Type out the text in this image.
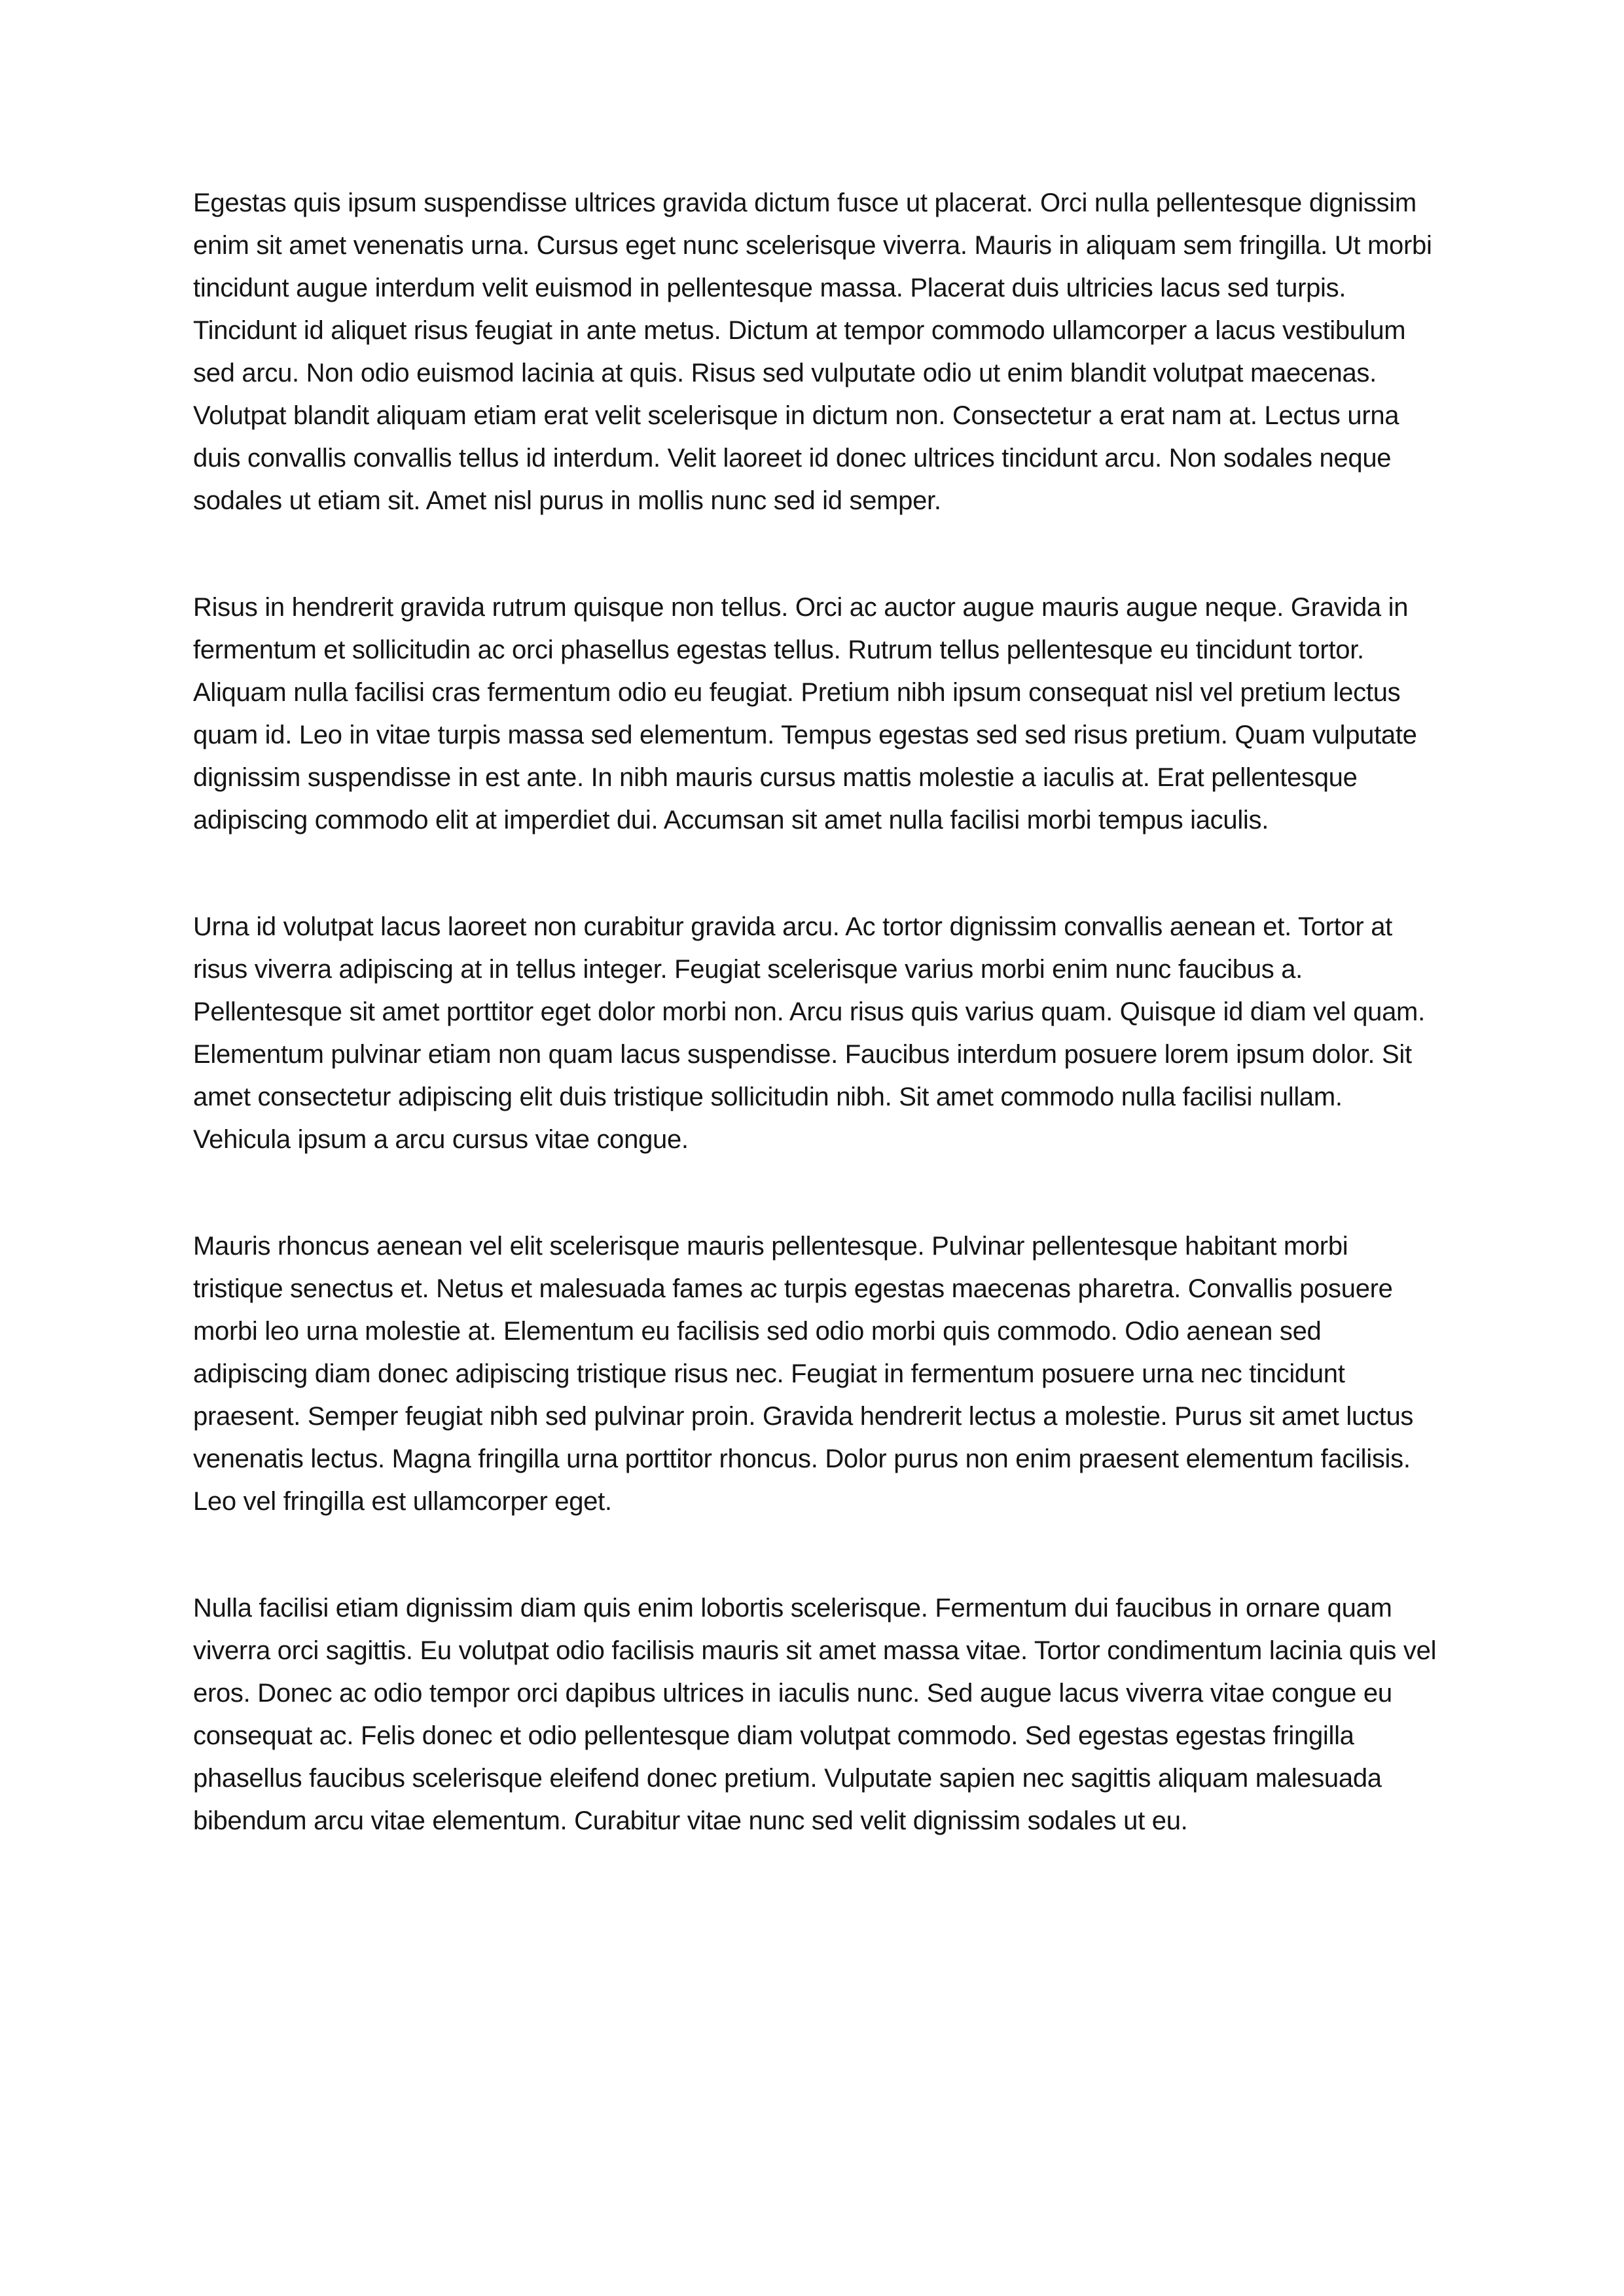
Egestas quis ipsum suspendisse ultrices gravida dictum fusce ut placerat. Orci nulla pellentesque dignissim enim sit amet venenatis urna. Cursus eget nunc scelerisque viverra. Mauris in aliquam sem fringilla. Ut morbi tincidunt augue interdum velit euismod in pellentesque massa. Placerat duis ultricies lacus sed turpis. Tincidunt id aliquet risus feugiat in ante metus. Dictum at tempor commodo ullamcorper a lacus vestibulum sed arcu. Non odio euismod lacinia at quis. Risus sed vulputate odio ut enim blandit volutpat maecenas. Volutpat blandit aliquam etiam erat velit scelerisque in dictum non. Consectetur a erat nam at. Lectus urna duis convallis convallis tellus id interdum. Velit laoreet id donec ultrices tincidunt arcu. Non sodales neque sodales ut etiam sit. Amet nisl purus in mollis nunc sed id semper.

Risus in hendrerit gravida rutrum quisque non tellus. Orci ac auctor augue mauris augue neque. Gravida in fermentum et sollicitudin ac orci phasellus egestas tellus. Rutrum tellus pellentesque eu tincidunt tortor. Aliquam nulla facilisi cras fermentum odio eu feugiat. Pretium nibh ipsum consequat nisl vel pretium lectus quam id. Leo in vitae turpis massa sed elementum. Tempus egestas sed sed risus pretium. Quam vulputate dignissim suspendisse in est ante. In nibh mauris cursus mattis molestie a iaculis at. Erat pellentesque adipiscing commodo elit at imperdiet dui. Accumsan sit amet nulla facilisi morbi tempus iaculis.

Urna id volutpat lacus laoreet non curabitur gravida arcu. Ac tortor dignissim convallis aenean et. Tortor at risus viverra adipiscing at in tellus integer. Feugiat scelerisque varius morbi enim nunc faucibus a. Pellentesque sit amet porttitor eget dolor morbi non. Arcu risus quis varius quam. Quisque id diam vel quam. Elementum pulvinar etiam non quam lacus suspendisse. Faucibus interdum posuere lorem ipsum dolor. Sit amet consectetur adipiscing elit duis tristique sollicitudin nibh. Sit amet commodo nulla facilisi nullam. Vehicula ipsum a arcu cursus vitae congue.

Mauris rhoncus aenean vel elit scelerisque mauris pellentesque. Pulvinar pellentesque habitant morbi tristique senectus et. Netus et malesuada fames ac turpis egestas maecenas pharetra. Convallis posuere morbi leo urna molestie at. Elementum eu facilisis sed odio morbi quis commodo. Odio aenean sed adipiscing diam donec adipiscing tristique risus nec. Feugiat in fermentum posuere urna nec tincidunt praesent. Semper feugiat nibh sed pulvinar proin. Gravida hendrerit lectus a molestie. Purus sit amet luctus venenatis lectus. Magna fringilla urna porttitor rhoncus. Dolor purus non enim praesent elementum facilisis. Leo vel fringilla est ullamcorper eget.

Nulla facilisi etiam dignissim diam quis enim lobortis scelerisque. Fermentum dui faucibus in ornare quam viverra orci sagittis. Eu volutpat odio facilisis mauris sit amet massa vitae. Tortor condimentum lacinia quis vel eros. Donec ac odio tempor orci dapibus ultrices in iaculis nunc. Sed augue lacus viverra vitae congue eu consequat ac. Felis donec et odio pellentesque diam volutpat commodo. Sed egestas egestas fringilla phasellus faucibus scelerisque eleifend donec pretium. Vulputate sapien nec sagittis aliquam malesuada bibendum arcu vitae elementum. Curabitur vitae nunc sed velit dignissim sodales ut eu.
